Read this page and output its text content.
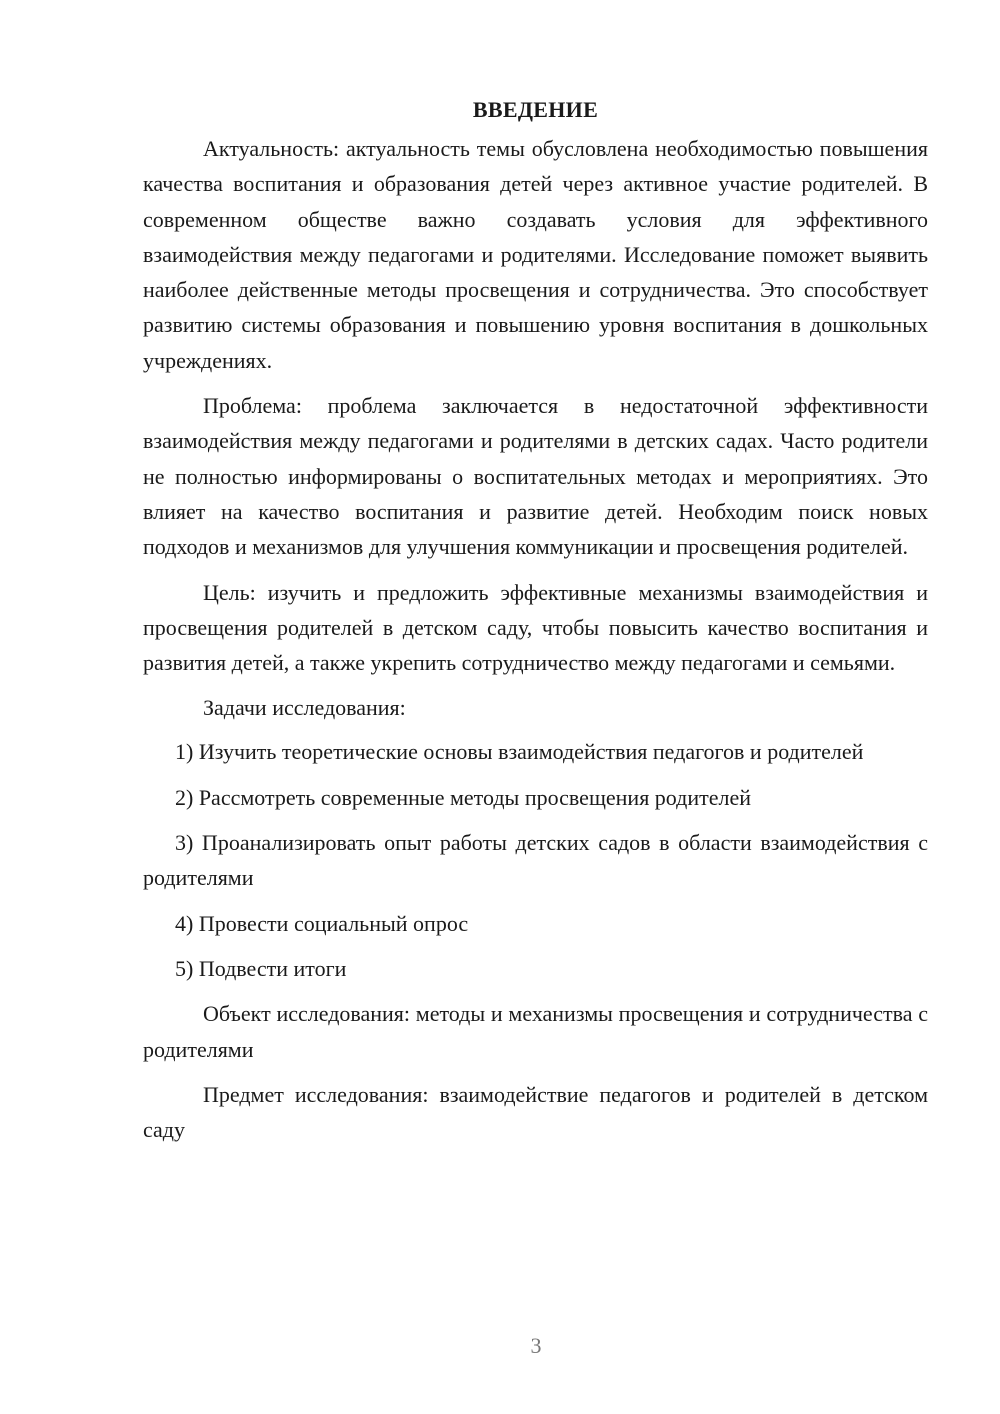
ВВЕДЕНИЕ

Актуальность: актуальность темы обусловлена необходимостью повышения качества воспитания и образования детей через активное участие родителей. В современном обществе важно создавать условия для эффективного взаимодействия между педагогами и родителями. Исследование поможет выявить наиболее действенные методы просвещения и сотрудничества. Это способствует развитию системы образования и повышению уровня воспитания в дошкольных учреждениях.

Проблема: проблема заключается в недостаточной эффективности взаимодействия между педагогами и родителями в детских садах. Часто родители не полностью информированы о воспитательных методах и мероприятиях. Это влияет на качество воспитания и развитие детей. Необходим поиск новых подходов и механизмов для улучшения коммуникации и просвещения родителей.

Цель: изучить и предложить эффективные механизмы взаимодействия и просвещения родителей в детском саду, чтобы повысить качество воспитания и развития детей, а также укрепить сотрудничество между педагогами и семьями.

Задачи исследования:

1) Изучить теоретические основы взаимодействия педагогов и родителей

2) Рассмотреть современные методы просвещения родителей

3) Проанализировать опыт работы детских садов в области взаимодействия с родителями

4) Провести социальный опрос

5) Подвести итоги

Объект исследования: методы и механизмы просвещения и сотрудничества с родителями

Предмет исследования: взаимодействие педагогов и родителей в детском саду

3
